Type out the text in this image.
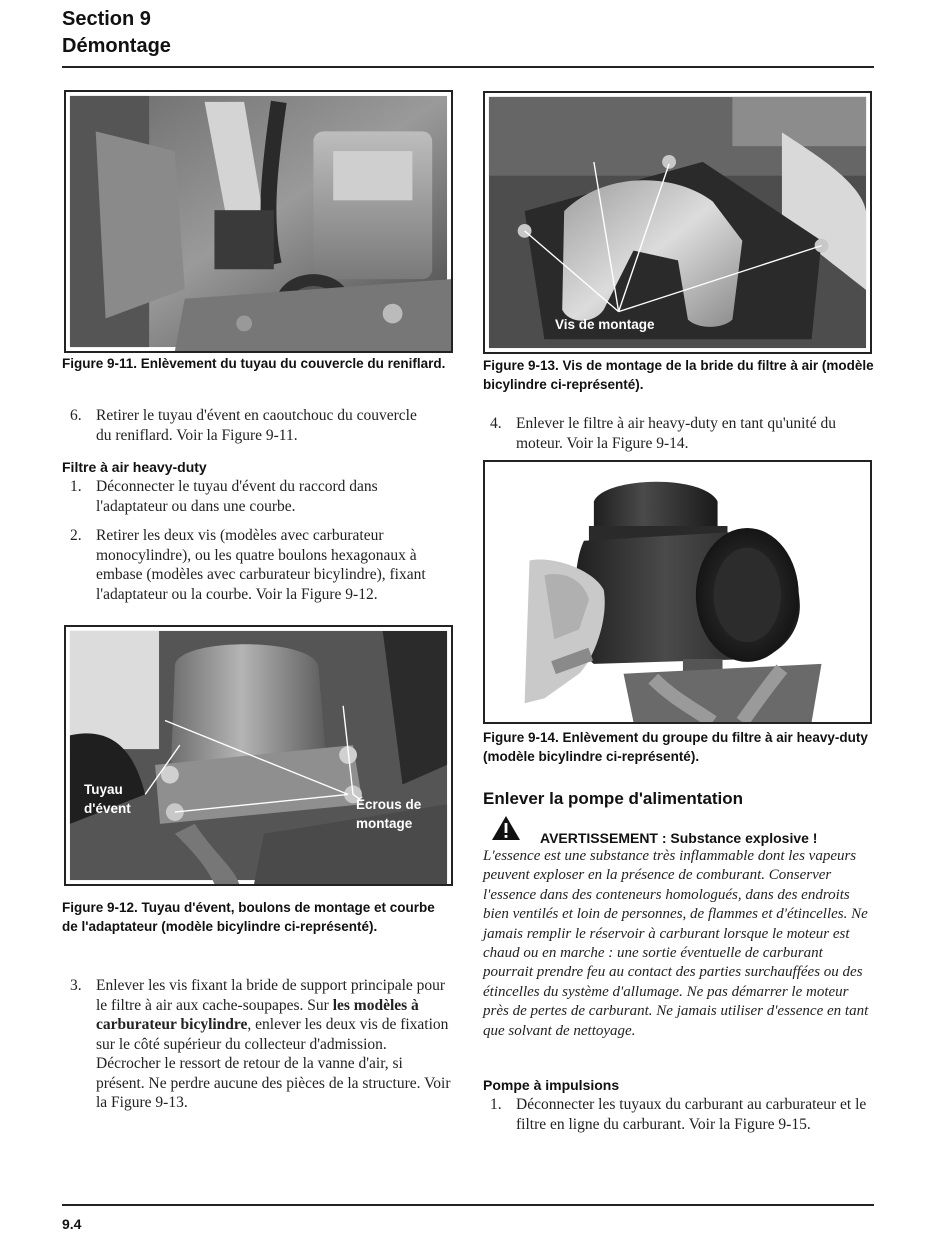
Section 9
Démontage
Figure 9-11. Enlèvement du tuyau du couvercle du reniflard.
6. Retirer le tuyau d'évent en caoutchouc du couvercle du reniflard. Voir la Figure 9-11.
Filtre à air heavy-duty
1. Déconnecter le tuyau d'évent du raccord dans l'adaptateur ou dans une courbe.
2. Retirer les deux vis (modèles avec carburateur monocylindre), ou les quatre boulons hexagonaux à embase (modèles avec carburateur bicylindre), fixant l'adaptateur ou la courbe. Voir la Figure 9-12.
Tuyau
d'évent	Écrous de
montage
Figure 9-12. Tuyau d'évent, boulons de montage et courbe de l'adaptateur (modèle bicylindre ci-représenté).
3. Enlever les vis fixant la bride de support principale pour le filtre à air aux cache-soupapes. Sur les modèles à carburateur bicylindre, enlever les deux vis de fixation sur le côté supérieur du collecteur d'admission. Décrocher le ressort de retour de la vanne d'air, si présent. Ne perdre aucune des pièces de la structure. Voir la Figure 9-13.
Vis de montage
Figure 9-13. Vis de montage de la bride du filtre à air (modèle bicylindre ci-représenté).
4. Enlever le filtre à air heavy-duty en tant qu'unité du moteur. Voir la Figure 9-14.
Figure 9-14. Enlèvement du groupe du filtre à air heavy-duty (modèle bicylindre ci-représenté).
Enlever la pompe d'alimentation
AVERTISSEMENT : Substance explosive !
L'essence est une substance très inflammable dont les vapeurs peuvent exploser en la présence de comburant. Conserver l'essence dans des conteneurs homologués, dans des endroits bien ventilés et loin de personnes, de flammes et d'étincelles. Ne jamais remplir le réservoir à carburant lorsque le moteur est chaud ou en marche : une sortie éventuelle de carburant pourrait prendre feu au contact des parties surchauffées ou des étincelles du système d'allumage. Ne pas démarrer le moteur près de pertes de carburant. Ne jamais utiliser d'essence en tant que solvant de nettoyage.
Pompe à impulsions
1. Déconnecter les tuyaux du carburant au carburateur et le filtre en ligne du carburant. Voir la Figure 9-15.
9.4
